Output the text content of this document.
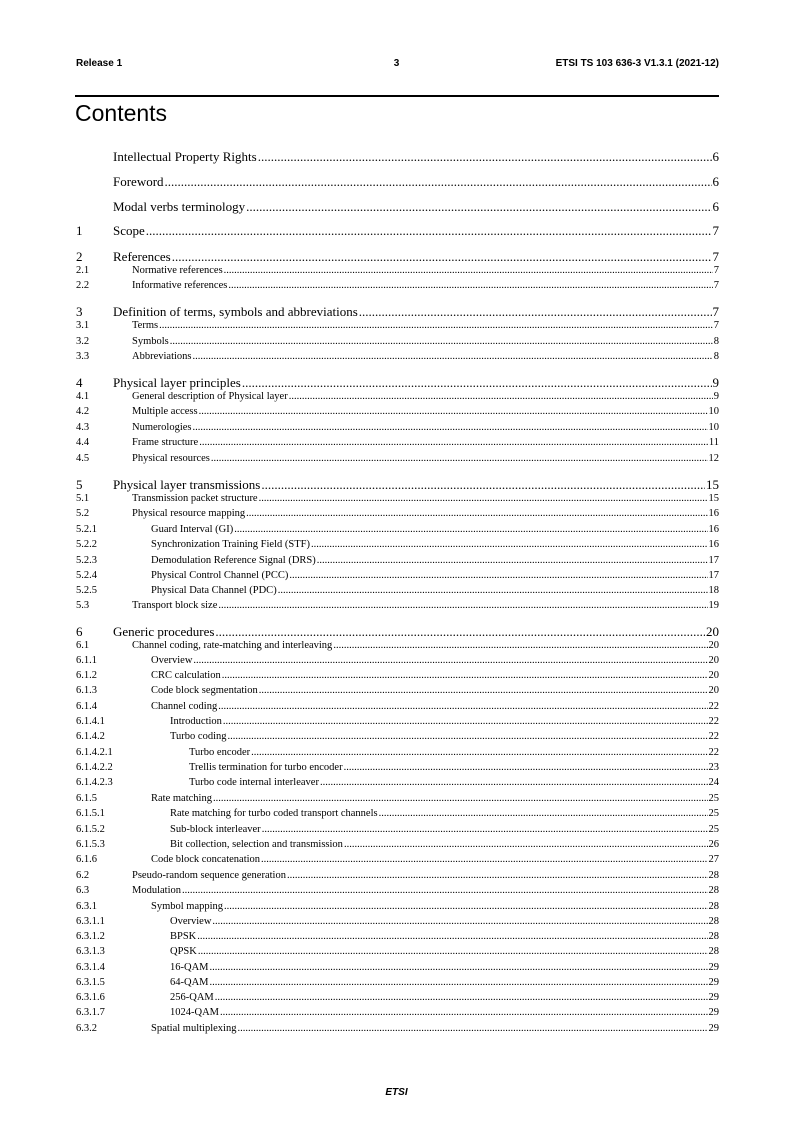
Release 1	3	ETSI TS 103 636-3 V1.3.1 (2021-12)
Contents
Intellectual Property Rights .....	6
Foreword .....	6
Modal verbs terminology .....	6
1	Scope .....	7
2	References .....	7
2.1	Normative references .....	7
2.2	Informative references .....	7
3	Definition of terms, symbols and abbreviations .....	7
3.1	Terms .....	7
3.2	Symbols .....	8
3.3	Abbreviations .....	8
4	Physical layer principles .....	9
4.1	General description of Physical layer .....	9
4.2	Multiple access .....	10
4.3	Numerologies .....	10
4.4	Frame structure .....	11
4.5	Physical resources .....	12
5	Physical layer transmissions .....	15
5.1	Transmission packet structure .....	15
5.2	Physical resource mapping .....	16
5.2.1	Guard Interval (GI) .....	16
5.2.2	Synchronization Training Field (STF) .....	16
5.2.3	Demodulation Reference Signal (DRS) .....	17
5.2.4	Physical Control Channel (PCC) .....	17
5.2.5	Physical Data Channel (PDC) .....	18
5.3	Transport block size .....	19
6	Generic procedures .....	20
6.1	Channel coding, rate-matching and interleaving .....	20
6.1.1	Overview .....	20
6.1.2	CRC calculation .....	20
6.1.3	Code block segmentation .....	20
6.1.4	Channel coding .....	22
6.1.4.1	Introduction .....	22
6.1.4.2	Turbo coding .....	22
6.1.4.2.1	Turbo encoder .....	22
6.1.4.2.2	Trellis termination for turbo encoder .....	23
6.1.4.2.3	Turbo code internal interleaver .....	24
6.1.5	Rate matching .....	25
6.1.5.1	Rate matching for turbo coded transport channels .....	25
6.1.5.2	Sub-block interleaver .....	25
6.1.5.3	Bit collection, selection and transmission .....	26
6.1.6	Code block concatenation .....	27
6.2	Pseudo-random sequence generation .....	28
6.3	Modulation .....	28
6.3.1	Symbol mapping .....	28
6.3.1.1	Overview .....	28
6.3.1.2	BPSK .....	28
6.3.1.3	QPSK .....	28
6.3.1.4	16-QAM .....	29
6.3.1.5	64-QAM .....	29
6.3.1.6	256-QAM .....	29
6.3.1.7	1024-QAM .....	29
6.3.2	Spatial multiplexing .....	29
ETSI
